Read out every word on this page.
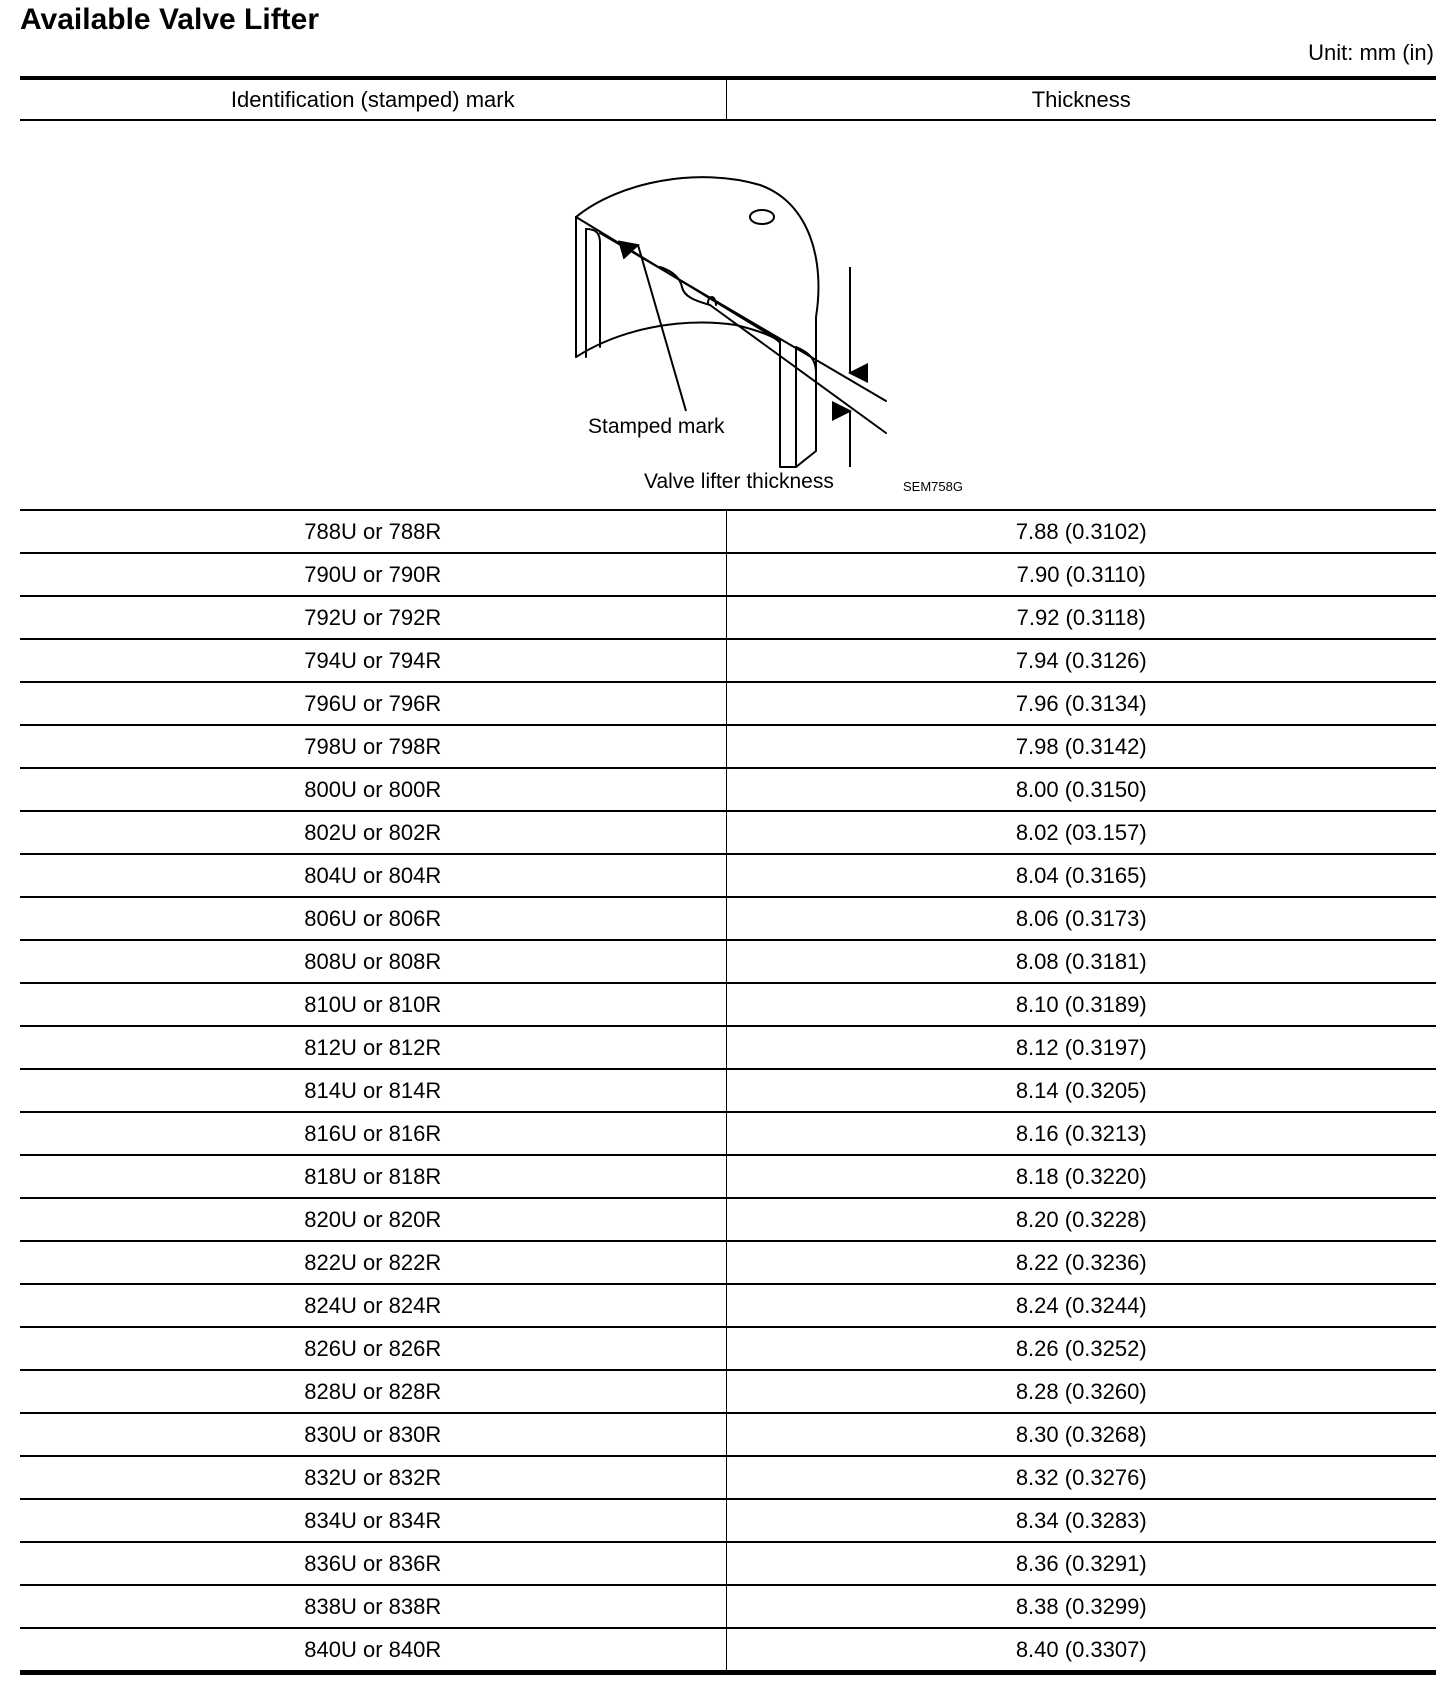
Available Valve Lifter
Unit: mm (in)
Identification (stamped) mark	Thickness

Stamped mark
Valve lifter thickness SEM758G	

788U or 788R	7.88 (0.3102)
790U or 790R	7.90 (0.3110)
792U or 792R	7.92 (0.3118)
794U or 794R	7.94 (0.3126)
796U or 796R	7.96 (0.3134)
798U or 798R	7.98 (0.3142)
800U or 800R	8.00 (0.3150)
802U or 802R	8.02 (03.157)
804U or 804R	8.04 (0.3165)
806U or 806R	8.06 (0.3173)
808U or 808R	8.08 (0.3181)
810U or 810R	8.10 (0.3189)
812U or 812R	8.12 (0.3197)
814U or 814R	8.14 (0.3205)
816U or 816R	8.16 (0.3213)
818U or 818R	8.18 (0.3220)
820U or 820R	8.20 (0.3228)
822U or 822R	8.22 (0.3236)
824U or 824R	8.24 (0.3244)
826U or 826R	8.26 (0.3252)
828U or 828R	8.28 (0.3260)
830U or 830R	8.30 (0.3268)
832U or 832R	8.32 (0.3276)
834U or 834R	8.34 (0.3283)
836U or 836R	8.36 (0.3291)
838U or 838R	8.38 (0.3299)
840U or 840R	8.40 (0.3307)
